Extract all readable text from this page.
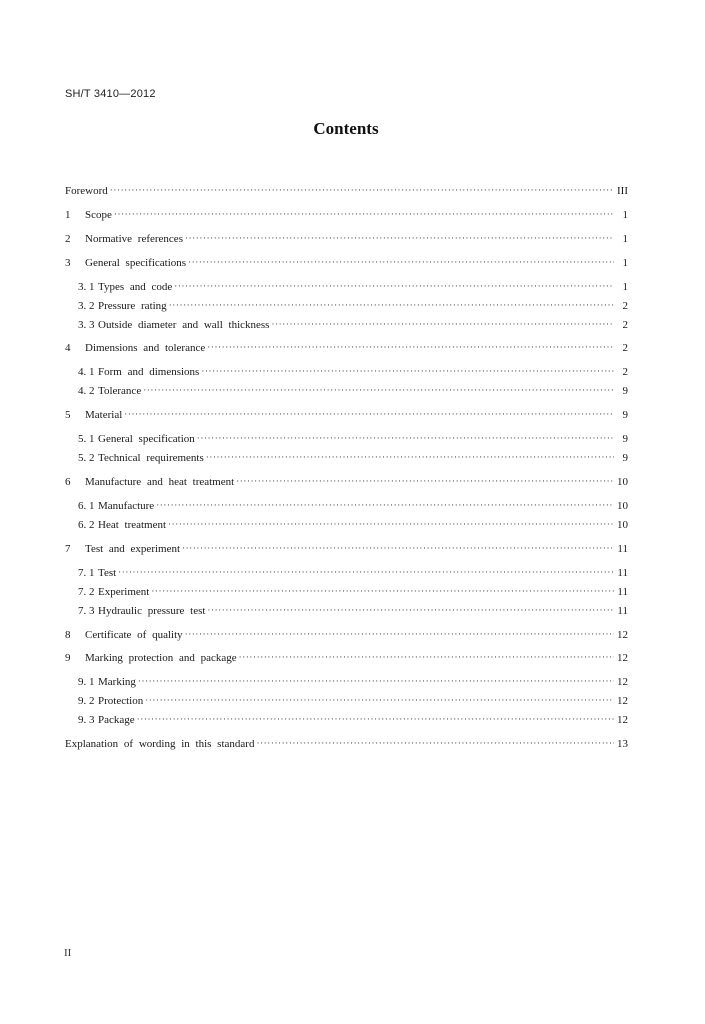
SH/T 3410—2012
Contents
Foreword ·····	III
1	Scope ·····	1
2	Normative references ·····	1
3	General specifications ·····	1
3. 1 Types and code ·····	1
3. 2 Pressure rating ·····	2
3. 3 Outside diameter and wall thickness ·····	2
4	Dimensions and tolerance ·····	2
4. 1 Form and dimensions ·····	2
4. 2 Tolerance ·····	9
5	Material ·····	9
5. 1 General specification ·····	9
5. 2 Technical requirements ·····	9
6	Manufacture and heat treatment ·····	10
6. 1 Manufacture ·····	10
6. 2 Heat treatment ·····	10
7	Test and experiment ·····	11
7. 1 Test ·····	11
7. 2 Experiment ·····	11
7. 3 Hydraulic pressure test ·····	11
8	Certificate of quality ·····	12
9	Marking protection and package ·····	12
9. 1 Marking ·····	12
9. 2 Protection ·····	12
9. 3 Package ·····	12
Explanation of wording in this standard ·····	13
II
